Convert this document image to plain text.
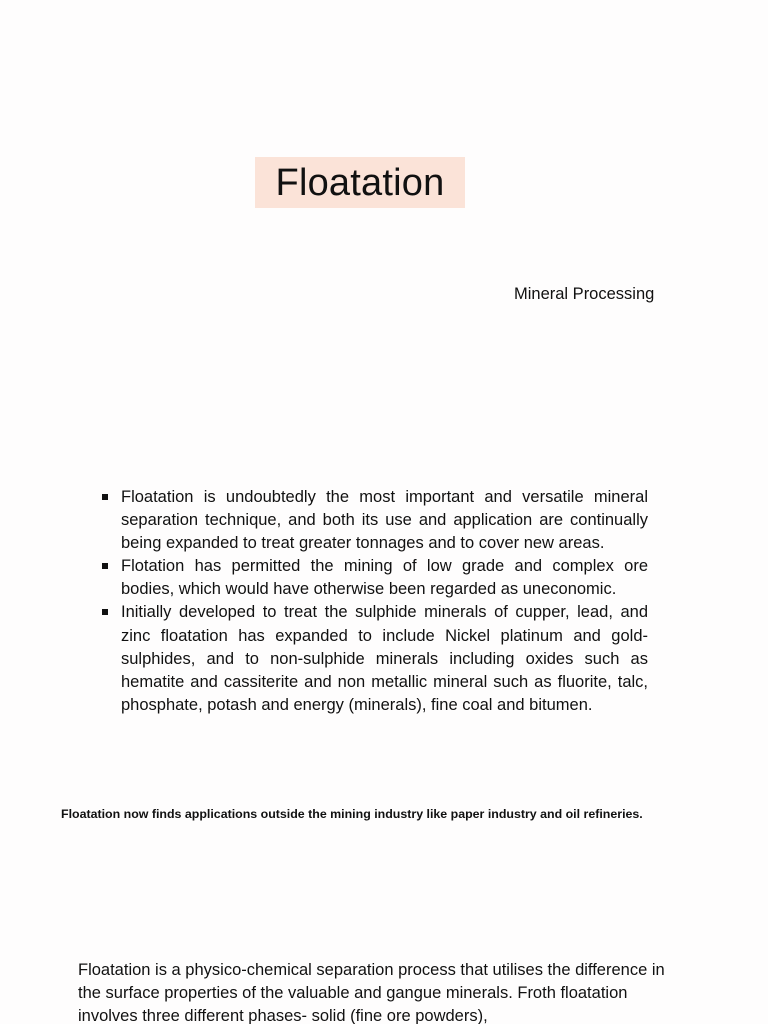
Floatation
Mineral Processing
Floatation is undoubtedly the most important and versatile mineral separation technique, and both its use and application are continually being expanded to treat greater tonnages and to cover new areas.
Flotation has permitted the mining of low grade and complex ore bodies, which would have otherwise been regarded as uneconomic.
Initially developed to treat the sulphide minerals of cupper, lead, and zinc floatation has expanded to include Nickel platinum and gold-sulphides, and to non-sulphide minerals including oxides such as hematite and cassiterite and non metallic mineral such as fluorite, talc, phosphate, potash and energy (minerals), fine coal and bitumen.
Floatation now finds applications outside the mining industry like paper industry and oil refineries.
Floatation is a physico-chemical separation process that utilises the difference in the surface properties of the valuable and gangue minerals. Froth floatation involves three different phases- solid (fine ore powders),
